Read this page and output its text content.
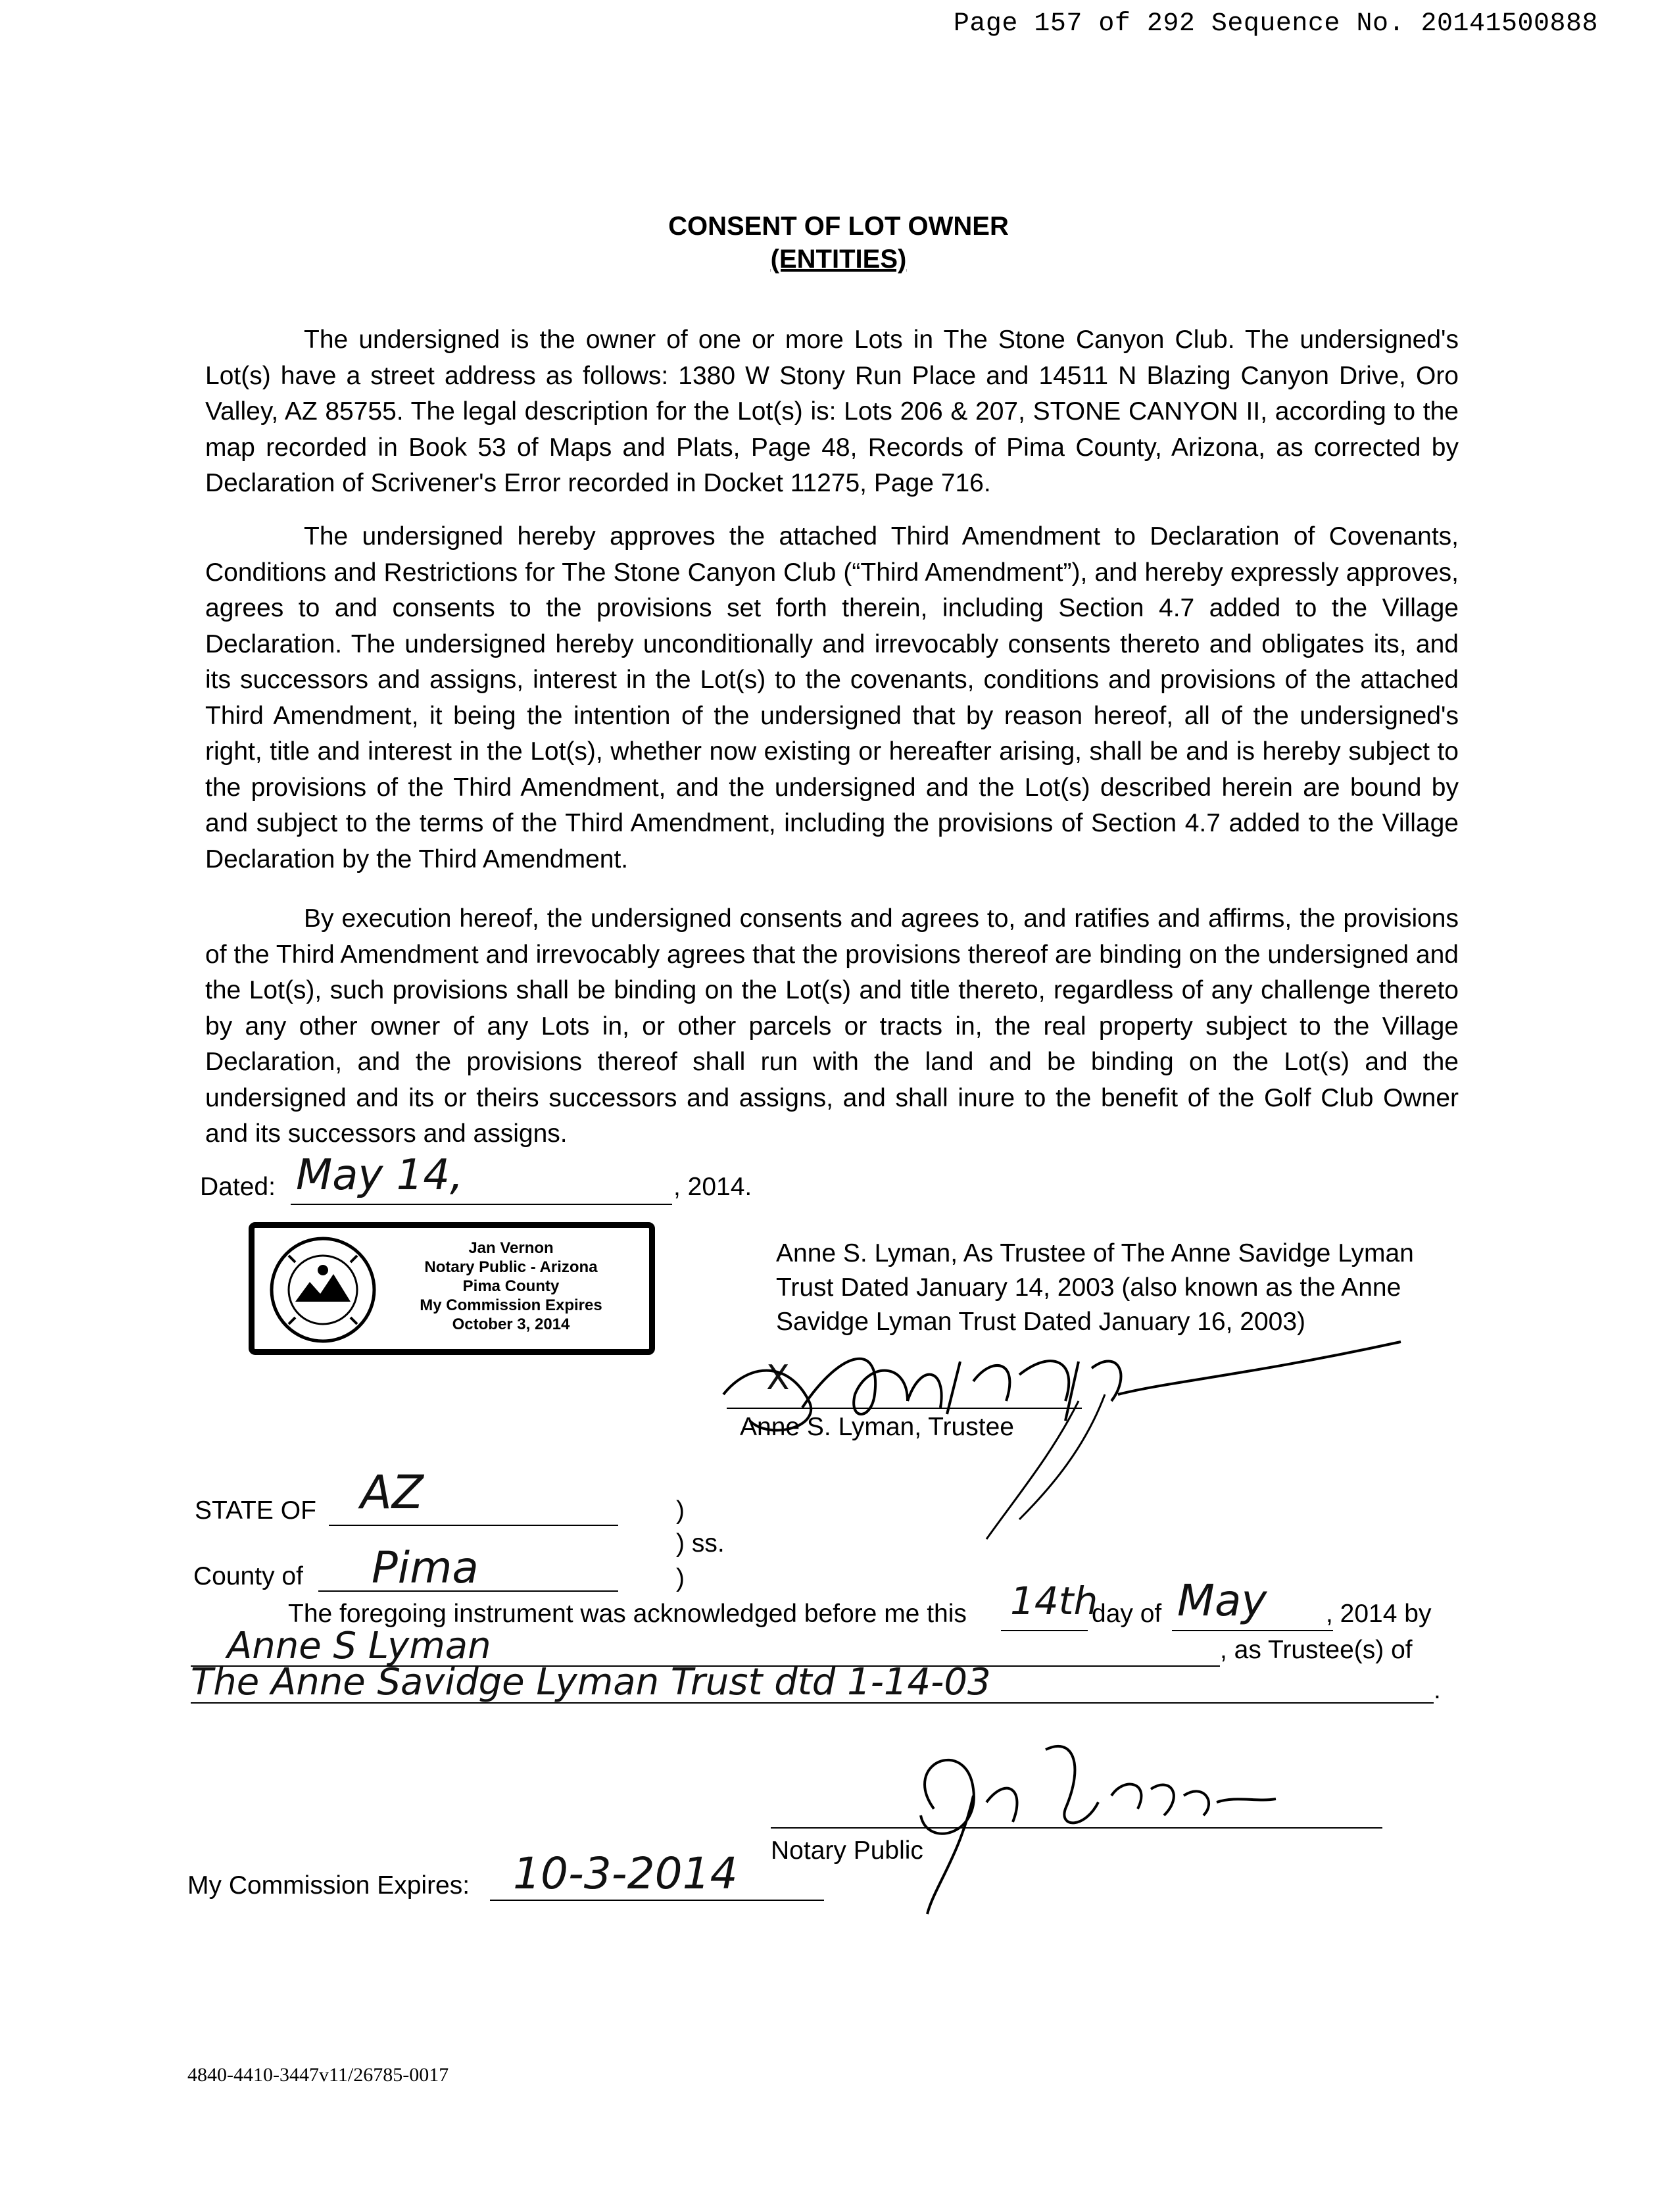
Page 157 of 292 Sequence No. 20141500888
CONSENT OF LOT OWNER
(ENTITIES)

The undersigned is the owner of one or more Lots in The Stone Canyon Club. The undersigned's Lot(s) have a street address as follows: 1380 W Stony Run Place and 14511 N Blazing Canyon Drive, Oro Valley, AZ 85755. The legal description for the Lot(s) is: Lots 206 & 207, STONE CANYON II, according to the map recorded in Book 53 of Maps and Plats, Page 48, Records of Pima County, Arizona, as corrected by Declaration of Scrivener's Error recorded in Docket 11275, Page 716.

The undersigned hereby approves the attached Third Amendment to Declaration of Covenants, Conditions and Restrictions for The Stone Canyon Club (“Third Amendment”), and hereby expressly approves, agrees to and consents to the provisions set forth therein, including Section 4.7 added to the Village Declaration. The undersigned hereby unconditionally and irrevocably consents thereto and obligates its, and its successors and assigns, interest in the Lot(s) to the covenants, conditions and provisions of the attached Third Amendment, it being the intention of the undersigned that by reason hereof, all of the undersigned's right, title and interest in the Lot(s), whether now existing or hereafter arising, shall be and is hereby subject to the provisions of the Third Amendment, and the undersigned and the Lot(s) described herein are bound by and subject to the terms of the Third Amendment, including the provisions of Section 4.7 added to the Village Declaration by the Third Amendment.

By execution hereof, the undersigned consents and agrees to, and ratifies and affirms, the provisions of the Third Amendment and irrevocably agrees that the provisions thereof are binding on the undersigned and the Lot(s), such provisions shall be binding on the Lot(s) and title thereto, regardless of any challenge thereto by any other owner of any Lots in, or other parcels or tracts in, the real property subject to the Village Declaration, and the provisions thereof shall run with the land and be binding on the Lot(s) and the undersigned and its or theirs successors and assigns, and shall inure to the benefit of the Golf Club Owner and its successors and assigns.

Dated: May 14,	, 2014.
Jan Vernon
Notary Public - Arizona
Pima County
My Commission Expires
October 3, 2014
Anne S. Lyman, As Trustee of The Anne Savidge Lyman
Trust Dated January 14, 2003 (also known as the Anne
Savidge Lyman Trust Dated January 16, 2003)
X
Anne S. Lyman, Trustee
STATE OF AZ	)
) ss.
County of Pima	)
The foregoing instrument was acknowledged before me this 14th
day of May , 2014 by
Anne S Lyman	, as Trustee(s) of
The Anne Savidge Lyman Trust dtd 1-14-03	.
Notary Public
My Commission Expires: 10-3-2014
4840-4410-3447v11/26785-0017
